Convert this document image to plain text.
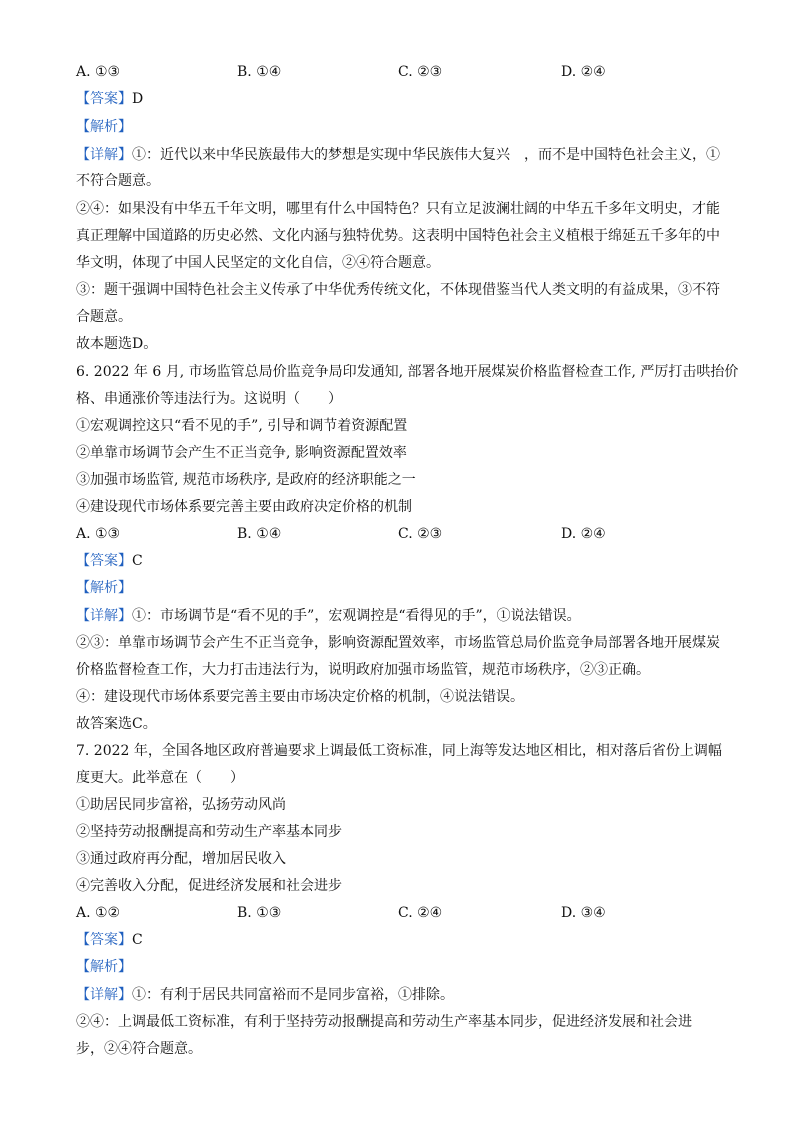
A. ①③	B. ①④	C. ②③	D. ②④
【答案】D
【解析】
【详解】①：近代以来中华民族最伟大的梦想是实现中华民族伟大复兴　，而不是中国特色社会主义，①
不符合题意。
②④：如果没有中华五千年文明，哪里有什么中国特色？只有立足波澜壮阔的中华五千多年文明史，才能
真正理解中国道路的历史必然、文化内涵与独特优势。这表明中国特色社会主义植根于绵延五千多年的中
华文明，体现了中国人民坚定的文化自信，②④符合题意。
③：题干强调中国特色社会主义传承了中华优秀传统文化，不体现借鉴当代人类文明的有益成果，③不符
合题意。
故本题选D。
6. 2022 年 6 月, 市场监管总局价监竞争局印发通知, 部署各地开展煤炭价格监督检查工作, 严厉打击哄抬价
格、串通涨价等违法行为。这说明（　　）
①宏观调控这只“看不见的手”, 引导和调节着资源配置
②单靠市场调节会产生不正当竞争, 影响资源配置效率
③加强市场监管, 规范市场秩序, 是政府的经济职能之一
④建设现代市场体系要完善主要由政府决定价格的机制
A. ①③	B. ①④	C. ②③	D. ②④
【答案】C
【解析】
【详解】①：市场调节是“看不见的手”，宏观调控是“看得见的手”，①说法错误。
②③：单靠市场调节会产生不正当竞争，影响资源配置效率，市场监管总局价监竞争局部署各地开展煤炭
价格监督检查工作，大力打击违法行为，说明政府加强市场监管，规范市场秩序，②③正确。
④：建设现代市场体系要完善主要由市场决定价格的机制，④说法错误。
故答案选C。
7. 2022 年，全国各地区政府普遍要求上调最低工资标准，同上海等发达地区相比，相对落后省份上调幅
度更大。此举意在（　　）
①助居民同步富裕，弘扬劳动风尚
②坚持劳动报酬提高和劳动生产率基本同步
③通过政府再分配，增加居民收入
④完善收入分配，促进经济发展和社会进步
A. ①②	B. ①③	C. ②④	D. ③④
【答案】C
【解析】
【详解】①：有利于居民共同富裕而不是同步富裕，①排除。
②④：上调最低工资标准，有利于坚持劳动报酬提高和劳动生产率基本同步，促进经济发展和社会进
步，②④符合题意。
